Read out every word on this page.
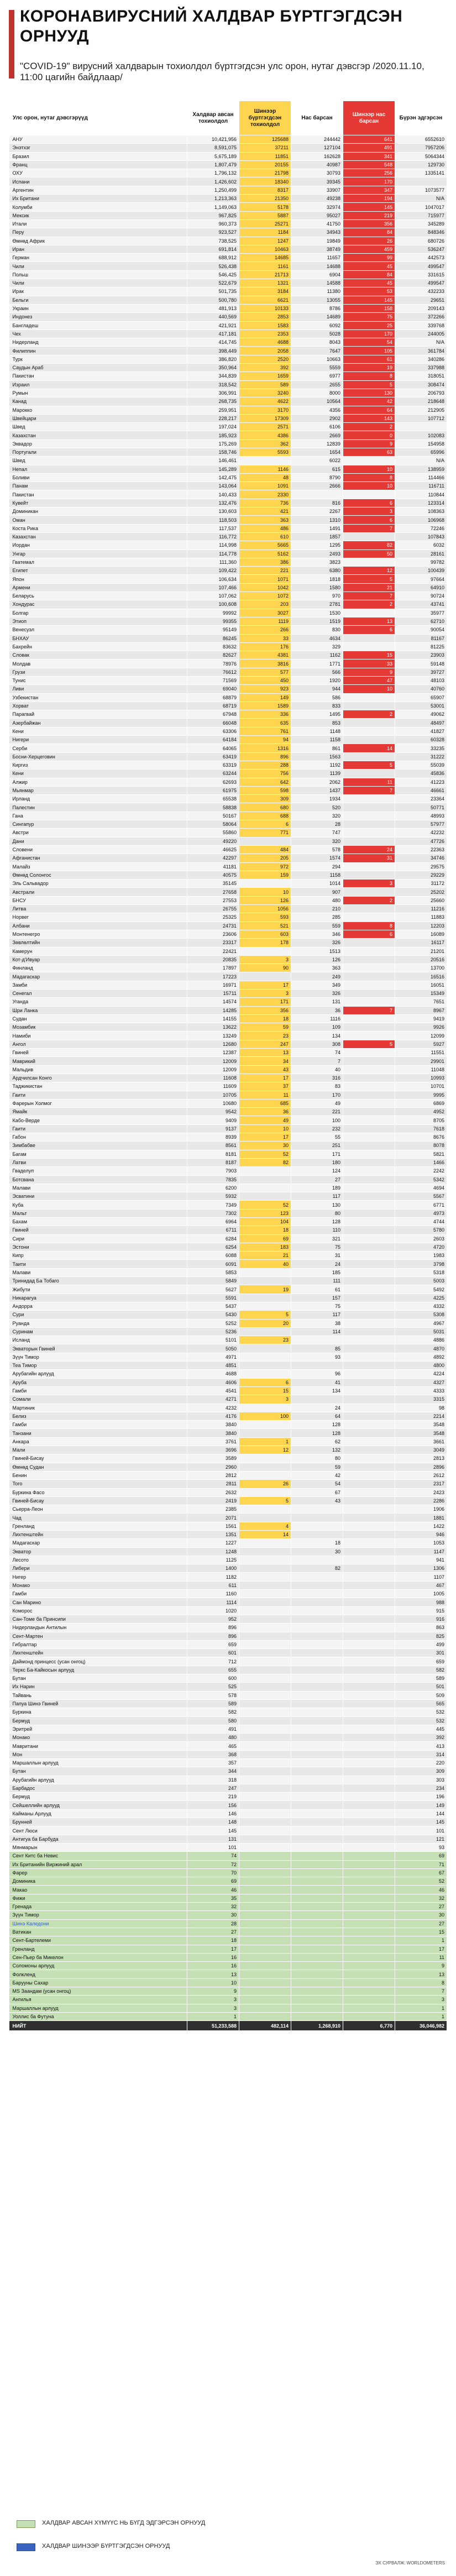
КОРОНАВИРУСНИЙ ХАЛДВАР БҮРТГЭГДСЭН ОРНУУД
"COVID-19" вирусний халдварын тохиолдол бүртгэгдсэн улс орон, нутаг дэвсгэр /2020.11.10, 11:00 цагийн байдлаар/
Улс орон, нутаг дэвсгэрүүд	Халдвар авсан тохиолдол	Шинээр бүртгэгдсэн тохиолдол	Нас барсан	Шинээр нас барсан	Бүрэн эдгэрсэн
АНУ	10,421,956	125688	244442	641	6552610
Энэтхэг	8,591,075	37211	127104	491	7957206
Бразил	5,675,189	11851	162628	341	5064344
Франц	1,807,479	20155	40987	548	129730
ОХУ	1,796,132	21798	30793	256	1335141
Испани	1,426,602	18340	39345	170	
Аргентин	1,250,499	8317	33907	347	1073577
Их Британи	1,213,363	21350	49238	194	N/A
Колумби	1,149,063	5178	32974	145	1047017
Мексик	967,825	5887	95027	219	715977
Итали	960,373	25271	41750	356	345289
Перу	923,527	1184	34943	84	848346
Өмнөд Африк	738,525	1247	19849	26	680726
Иран	691,814	10463	38749	459	536247
Герман	688,912	14685	11657	99	442573
Чили	526,438	1161	14688	45	499547
Польш	546,425	21713	6904	84	331615
Чили	522,679	1321	14588	45	499547
Ирак	501,735	3184	11380	53	432233
Бельги	500,780	6621	13055	145	29651
Украин	481,913	10133	8786	158	209143
Индонез	440,569	2853	14689	75	372266
Бангладеш	421,921	1583	6092	25	339768
Чех	417,181	2353	5028	170	244005
Нидерланд	414,745	4688	8043	54	N/A
Филиппин	398,449	2058	7647	105	361784
Турк	386,820	2520	10663	61	340286
Саудын Араб	350,964	392	5559	19	337988
Пакистан	344,839	1659	6977	8	318051
Израил	318,542	589	2655	5	308474
Румын	306,991	3240	8000	130	206793
Канад	268,735	4622	10564	42	218648
Марокко	259,951	3170	4356	64	212905
Швейцари	228,217	17309	2902	143	107712
Швед	197,024	2571	6106	2	
Казахстан	185,923	4386	2669	0	102083
Эквадор	175,269	362	12839	9	154958
Португали	158,746	5593	1654	63	65996
Швед	146,461		6022		N/A
Непал	145,289	1146	615	10	138959
Боливи	142,475	48	8790	8	114466
Панам	143,064	1091	2666	10	116711
Пакистан	140,433	2330			110844
Кувейт	132,476	736	816	6	123314
Доминикан	130,603	421	2267	3	108363
Оман	118,503	363	1310	6	106968
Коста Рика	117,537	486	1491	7	72246
Казахстан	116,772	610	1857		107843
Иордан	114,998	5665	1295	82	6032
Унгар	114,778	5162	2493	50	28161
Гватемал	111,360	386	3823		99782
Египет	109,422	221	6380	12	100439
Япон	106,634	1071	1818	5	97664
Армени	107,466	1042	1580	21	64910
Беларусь	107,062	1072	970	7	90724
Хондурас	100,608	203	2781	2	43741
Болгар	99992	3027	1530		35977
Этиоп	99355	1119	1519	13	62710
Венесуэл	95149	266	830	6	90054
БНХАУ	86245	33	4634		81167
Бахрейн	83632	176	329		81225
Словак	82627	4381	1162	15	23903
Молдав	78976	3816	1771	33	59148
Грузи	76612	577	566	9	39727
Тунис	71569	450	1920	47	48103
Ливи	69040	923	944	10	40760
Узбекистан	68879	149	586		65907
Хорват	68719	1589	833		53001
Парагвай	67948	336	1495	2	49062
Азербайжан	66048	635	853		48497
Кени	63306	761	1148		41827
Нигери	64184	94	1158		60328
Серби	64065	1316	861	14	33235
Босни-Херцеговин	63419	896	1563		31222
Киргиз	63319	288	1192	5	55039
Кени	63244	756	1139		45836
Алжир	62693	642	2062	11	41223
Мьянмар	61975	598	1437	7	46661
Ирланд	65538	309	1934		23364
Палестин	58838	680	520		50771
Гана	50167	688	320		48993
Сингапур	58064	6	28		57977
Австри	55860	771	747		42232
Дани	49220		320		47726
Словени	46625	484	578	24	22363
Афганистан	42297	205	1574	31	34746
Малайз	41181	972	294		29575
Өмнөд Солонгос	40575	159	1158		29229
Эль Сальвадор	35145		1014	3	31172
Австрали	27658	10	907		25202
БНСУ	27553	126	480	2	25660
Литва	26755	1056	210		11216
Норвег	25325	593	285		11883
Албани	24731	521	559	8	12203
Монтенегро	23606	603	346	6	16089
Зөвлөлтийн	23317	178	326		16117
Камерун	22421		1513		21201
Кот-д'Ивуар	20835	3	126		20516
Финланд	17897	90	363		13700
Мадагаскар	17223		249		16516
Замби	16971	17	349		16051
Сенегал	15711	3	326		15349
Уганда	14574	171	131		7651
Шри Ланка	14285	356	36	7	8967
Судан	14155	18	1116		9419
Мозамбик	13622	59	109		9926
Намиби	13249	23	134		12099
Ангол	12680	247	308	5	5927
Гвиней	12387	13	74		11551
Маврикий	12009	34	7		29901
Мальдив	12009	43	40		11048
Ардчилсан Конго	11608	17	316		10993
Таджикистан	11609	37	83		10701
Гаити	10705	11	170		9995
Фарерын Холмог	10680	685	49		6869
Ямайк	9542	36	221		4952
Кабо-Верде	9409	49	100		8705
Гаити	9137	10	232		7618
Габон	8939	17	55		8676
Зимбабве	8561	30	251		8078
Багам	8181	52	171		5821
Латви	8187	82	180		1466
Гваделуп	7903		124		2242
Ботсвана	7835		27		5342
Малави	6200		189		4694
Эсватини	5932		117		5567
Куба	7349	52	130		6771
Мальт	7302	123	80		4973
Бахам	6964	104	128		4744
Гвиней	6711	18	110		5780
Сири	6284	69	321		2603
Эстони	6254	183	75		4720
Кипр	6088	21	31		1983
Таити	6091	40	24		3798
Малави	5853		185		5318
Тринидад Ба Тобаго	5849		111		5003
Жибути	5627	19	61		5492
Никарагуа	5591		157		4225
Андорра	5437		75		4332
Сури	5430	5	117		5308
Руанда	5252	20	38		4967
Суринам	5236		114		5031
Исланд	5101	23			4886
Экваторын Гвиней	5050		85		4870
Зүүн Тимор	4971		93		4892
Теа Тимор	4851				4800
Арубагийн арлууд	4688		96		4224
Аруба	4606	6	41		4327
Гамби	4541	15	134		4333
Сомали	4271	3			3315
Мартиник	4232		24		98
Белиз	4176	100	64		2214
Гамби	3840		128		3548
Танзани	3840		128		3548
Анкара	3761	1	62		3661
Мали	3696	12	132		3049
Гвиней-Бисау	3589		80		2813
Өмнөд Судан	2960		59		2896
Бенин	2812		42		2612
Того	2811	26	54		2317
Буркина Фасо	2632		67		2423
Гвиней-Бисау	2419	5	43		2286
Сьерра-Леон	2385				1906
Чад	2071				1881
Гренланд	1561	4			1422
Лихтенштейн	1351	14			946
Мадагаскар	1227		18		1053
Экватор	1248		30		1147
Лесото	1125				941
Либери	1400		82		1306
Нигер	1182				1107
Монако	611				467
Гамби	1160				1005
Сан Марино	1114				988
Коморос	1020				915
Сан-Томе ба Принсипи	952				916
Нидерландын Антилын	896				863
Сент-Мартен	896				825
Гибралтар	659				499
Лихтенштейн	601				301
Даймонд принцесс (усан онгоц)	712				659
Теркс Ба-Кайкосын арлууд	655				582
Бутан	600				589
Их Нарин	525				501
Тайвань	578				509
Папуа Шинэ Гвиней	589				565
Буркина	582				532
Бермуд	580				532
Эритрей	491				445
Монако	480				392
Мавритани	465				413
Мон	368				314
Маршаллын арлууд	357				220
Бутан	344				309
Арубагийн арлууд	318				303
Барбадос	247				234
Бермуд	219				196
Сейшеллийн арлууд	156				149
Кайманы Арлууд	146				144
Брунней	148				145
Сент Люси	145				101
Антигуа ба Барбуда	131				121
Мянмарын	101				93
Сент Китс ба Невис	74				69
Их Британийн Виржиний арал	72				71
Фарер	70				67
Доминика	69				52
Макао	46				46
Фижи	35				32
Гренада	32				27
Зүүн Тимор	30				30
Шинэ Каледони	28				27
Ватикан	27				15
Сент-Бартелеми	18				1
Гренланд	17				17
Сен-Пьер ба Микелон	16				11
Соломоны арлууд	16				9
Фолкленд	13				13
Барууны Сахар	10				8
MS Заандам (усан онгоц)	9				7
Ангилья	3				3
Маршаллын арлууд	3				1
Уоллис ба Футуна	1				1
НИЙТ	51,233,588	482,114	1,268,910	6,770	36,046,982
ХАЛДВАР АВСАН ХҮМҮҮС НЬ БҮГД ЭДГЭРСЭН ОРНУУД
ХАЛДВАР ШИНЭЭР БҮРТГЭГДСЭН ОРНУУД
ЭХ СУРВАЛЖ: WORLDOMETERS
